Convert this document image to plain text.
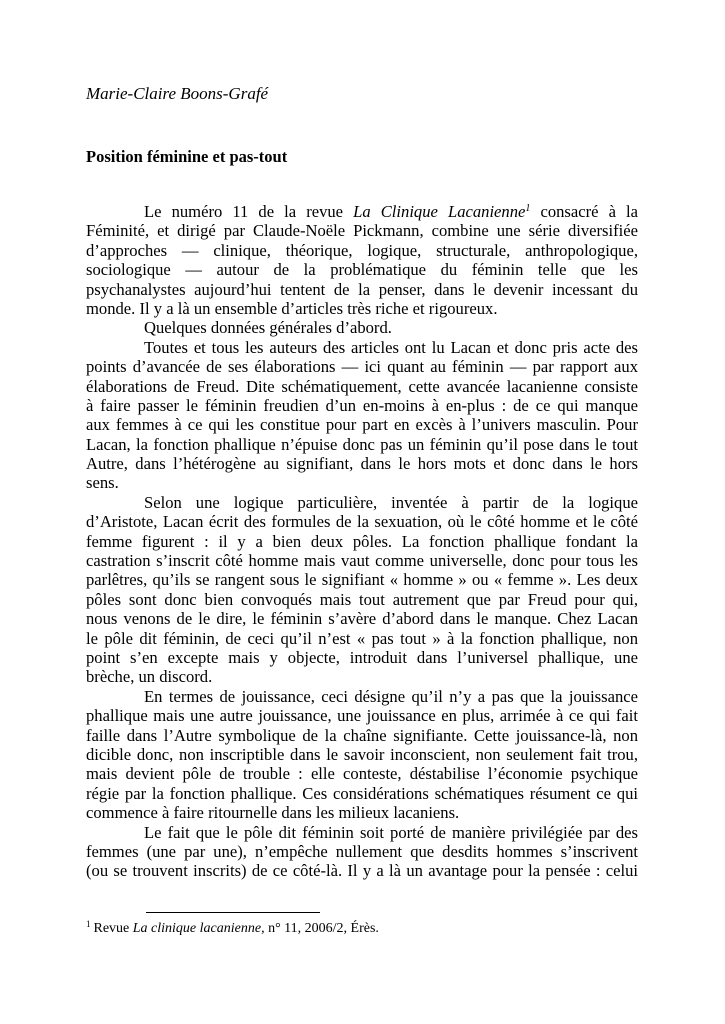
Marie-Claire Boons-Grafé
Position féminine et pas-tout
Le numéro 11 de la revue La Clinique Lacanienne$^1$ consacré à la
Féminité, et dirigé par Claude-Noële Pickmann, combine une série diversifiée
d’approches — clinique, théorique, logique, structurale, anthropologique,
sociologique — autour de la problématique du féminin telle que les
psychanalystes aujourd’hui tentent de la penser, dans le devenir incessant du
monde. Il y a là un ensemble d’articles très riche et rigoureux.
Quelques données générales d’abord.
Toutes et tous les auteurs des articles ont lu Lacan et donc pris acte des
points d’avancée de ses élaborations — ici quant au féminin — par rapport aux
élaborations de Freud. Dite schématiquement, cette avancée lacanienne consiste
à faire passer le féminin freudien d’un en-moins à en-plus : de ce qui manque
aux femmes à ce qui les constitue pour part en excès à l’univers masculin. Pour
Lacan, la fonction phallique n’épuise donc pas un féminin qu’il pose dans le tout
Autre, dans l’hétérogène au signifiant, dans le hors mots et donc dans le hors
sens.
Selon une logique particulière, inventée à partir de la logique
d’Aristote, Lacan écrit des formules de la sexuation, où le côté homme et le côté
femme figurent : il y a bien deux pôles. La fonction phallique fondant la
castration s’inscrit côté homme mais vaut comme universelle, donc pour tous les
parlêtres, qu’ils se rangent sous le signifiant « homme » ou « femme ». Les deux
pôles sont donc bien convoqués mais tout autrement que par Freud pour qui,
nous venons de le dire, le féminin s’avère d’abord dans le manque. Chez Lacan
le pôle dit féminin, de ceci qu’il n’est « pas tout » à la fonction phallique, non
point s’en excepte mais y objecte, introduit dans l’universel phallique, une
brèche, un discord.
En termes de jouissance, ceci désigne qu’il n’y a pas que la jouissance
phallique mais une autre jouissance, une jouissance en plus, arrimée à ce qui fait
faille dans l’Autre symbolique de la chaîne signifiante. Cette jouissance-là, non
dicible donc, non inscriptible dans le savoir inconscient, non seulement fait trou,
mais devient pôle de trouble : elle conteste, déstabilise l’économie psychique
régie par la fonction phallique. Ces considérations schématiques résument ce qui
commence à faire ritournelle dans les milieux lacaniens.
Le fait que le pôle dit féminin soit porté de manière privilégiée par des
femmes (une par une), n’empêche nullement que desdits hommes s’inscrivent
(ou se trouvent inscrits) de ce côté-là. Il y a là un avantage pour la pensée : celui
$^1$ Revue La clinique lacanienne, n° 11, 2006/2, Érès.
